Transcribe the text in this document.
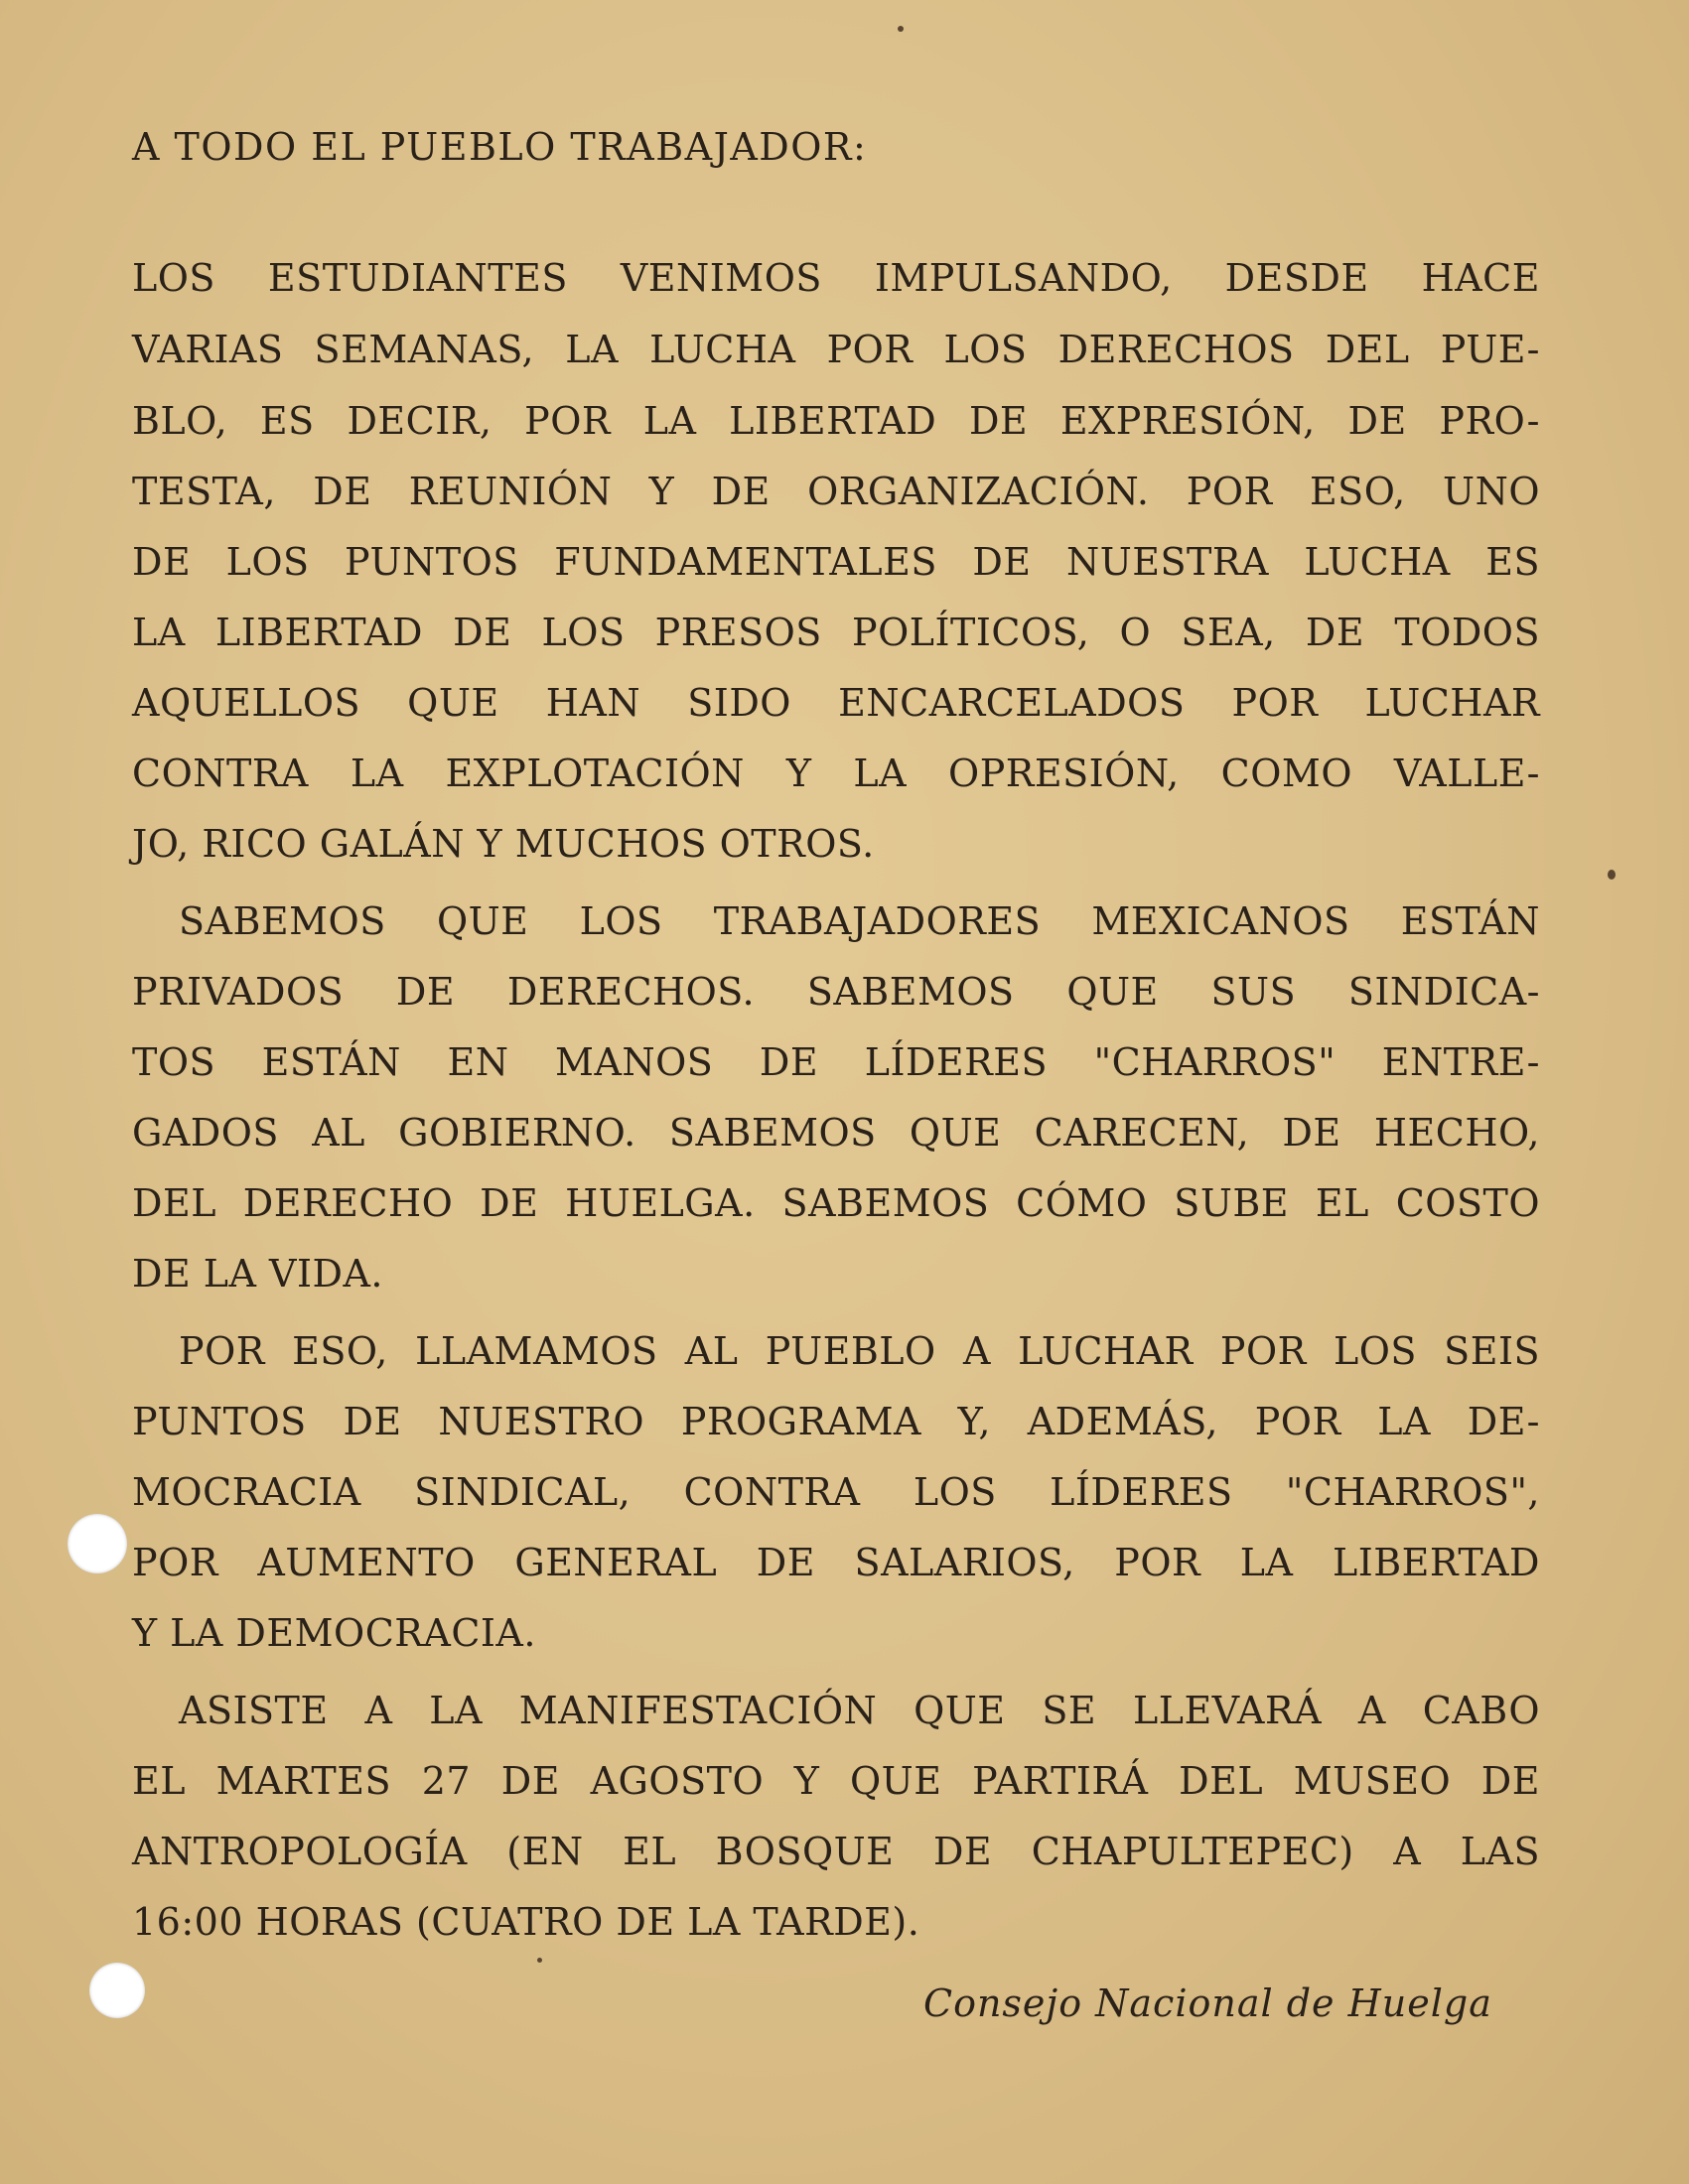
A TODO EL PUEBLO TRABAJADOR:
LOS ESTUDIANTES VENIMOS IMPULSANDO, DESDE HACE
VARIAS SEMANAS, LA LUCHA POR LOS DERECHOS DEL PUE-
BLO, ES DECIR, POR LA LIBERTAD DE EXPRESIÓN, DE PRO-
TESTA, DE REUNIÓN Y DE ORGANIZACIÓN. POR ESO, UNO
DE LOS PUNTOS FUNDAMENTALES DE NUESTRA LUCHA ES
LA LIBERTAD DE LOS PRESOS POLÍTICOS, O SEA, DE TODOS
AQUELLOS QUE HAN SIDO ENCARCELADOS POR LUCHAR
CONTRA LA EXPLOTACIÓN Y LA OPRESIÓN, COMO VALLE-
JO, RICO GALÁN Y MUCHOS OTROS.
SABEMOS QUE LOS TRABAJADORES MEXICANOS ESTÁN
PRIVADOS DE DERECHOS. SABEMOS QUE SUS SINDICA-
TOS ESTÁN EN MANOS DE LÍDERES "CHARROS" ENTRE-
GADOS AL GOBIERNO. SABEMOS QUE CARECEN, DE HECHO,
DEL DERECHO DE HUELGA. SABEMOS CÓMO SUBE EL COSTO
DE LA VIDA.
POR ESO, LLAMAMOS AL PUEBLO A LUCHAR POR LOS SEIS
PUNTOS DE NUESTRO PROGRAMA Y, ADEMÁS, POR LA DE-
MOCRACIA SINDICAL, CONTRA LOS LÍDERES "CHARROS",
POR AUMENTO GENERAL DE SALARIOS, POR LA LIBERTAD
Y LA DEMOCRACIA.
ASISTE A LA MANIFESTACIÓN QUE SE LLEVARÁ A CABO
EL MARTES 27 DE AGOSTO Y QUE PARTIRÁ DEL MUSEO DE
ANTROPOLOGÍA (EN EL BOSQUE DE CHAPULTEPEC) A LAS
16:00 HORAS (CUATRO DE LA TARDE).
Consejo Nacional de Huelga
